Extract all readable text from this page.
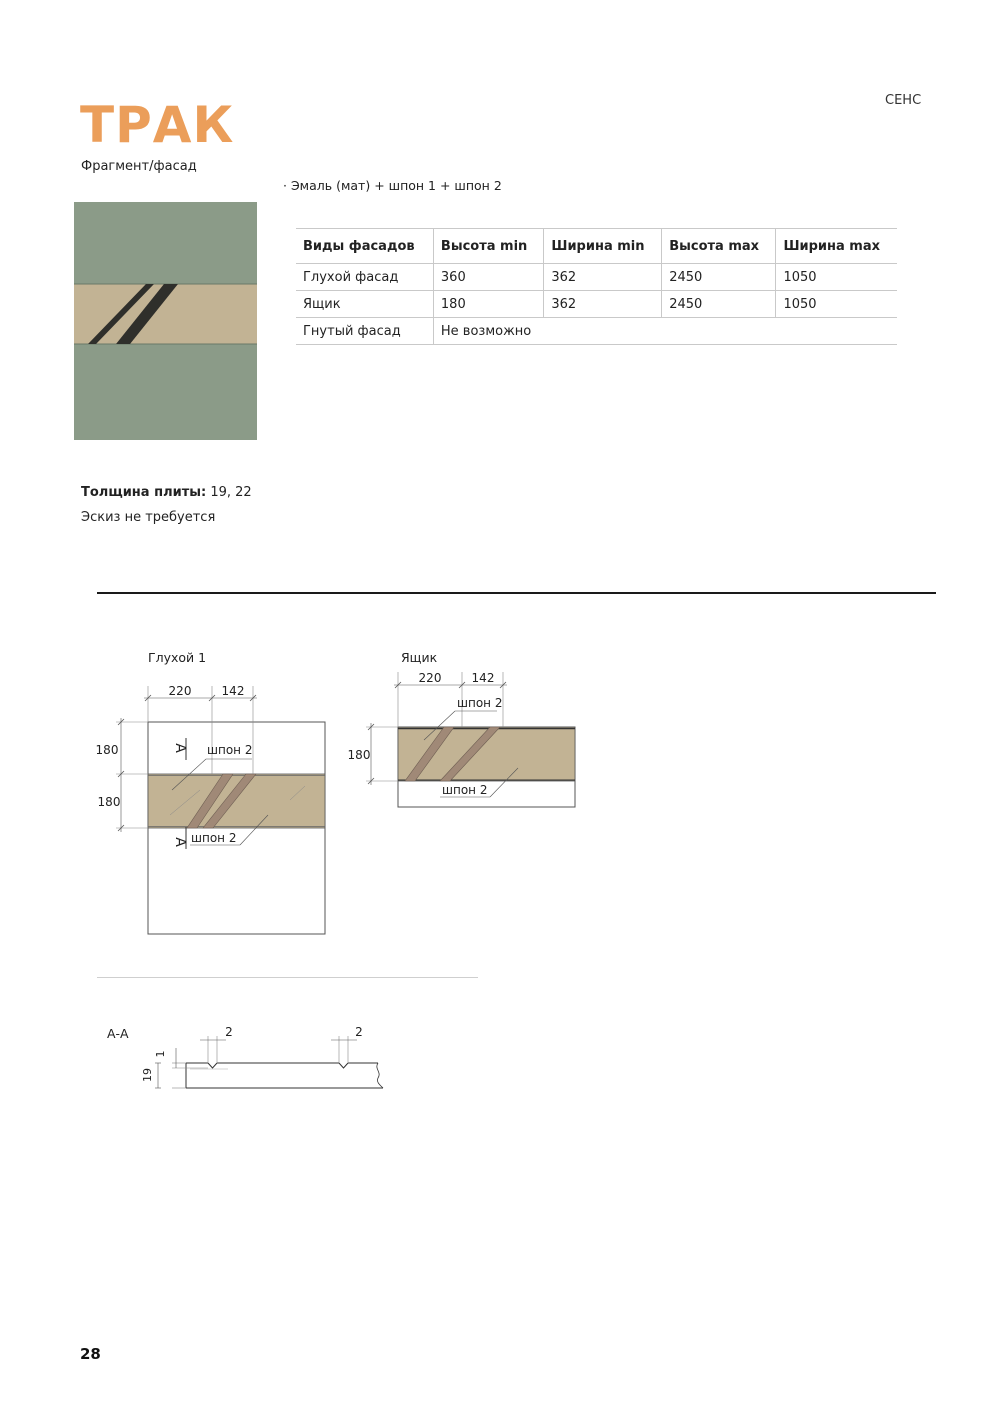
ТРАК	СЕНС
Фрагмент/фасад
· Эмаль (мат) + шпон 1 + шпон 2
Виды фасадов	Высота min	Ширина min	Высота max	Ширина max
Глухой фасад	360	362	2450	1050
Ящик	180	362	2450	1050
Гнутый фасад	Не возможно			
Толщина плиты: 19, 22
Эскиз не требуется
Глухой 1
220	142
180
180
А
А
шпон 2
шпон 2
Ящик
220	142
180
шпон 2
шпон 2
А-А	2	2
1
19
28
